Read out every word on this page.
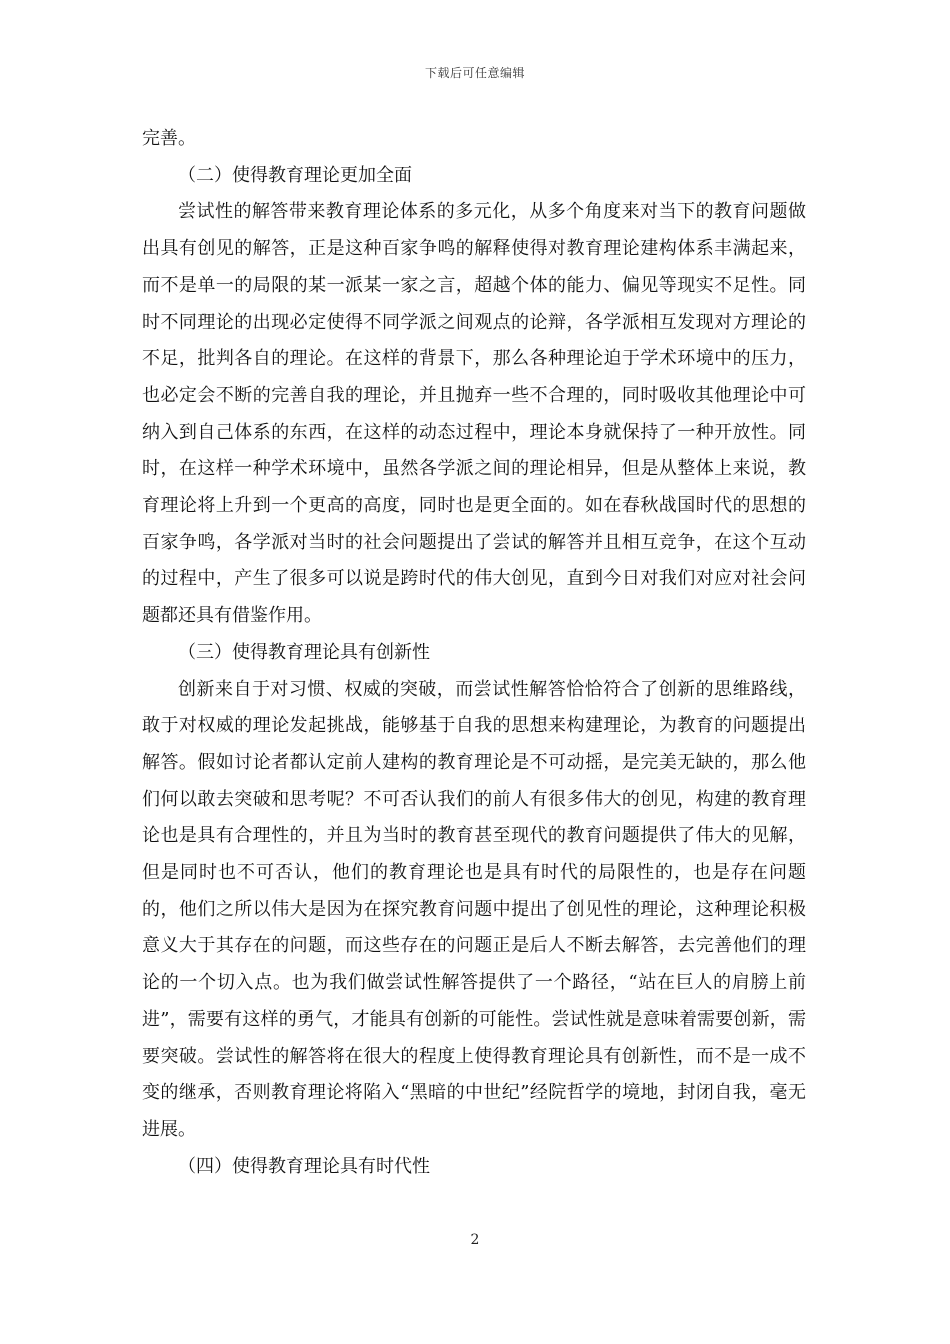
下载后可任意编辑

完善。

（二）使得教育理论更加全面

尝试性的解答带来教育理论体系的多元化，从多个角度来对当下的教育问题做出具有创见的解答，正是这种百家争鸣的解释使得对教育理论建构体系丰满起来，而不是单一的局限的某一派某一家之言，超越个体的能力、偏见等现实不足性。同时不同理论的出现必定使得不同学派之间观点的论辩，各学派相互发现对方理论的不足，批判各自的理论。在这样的背景下，那么各种理论迫于学术环境中的压力，也必定会不断的完善自我的理论，并且抛弃一些不合理的，同时吸收其他理论中可纳入到自己体系的东西，在这样的动态过程中，理论本身就保持了一种开放性。同时，在这样一种学术环境中，虽然各学派之间的理论相异，但是从整体上来说，教育理论将上升到一个更高的高度，同时也是更全面的。如在春秋战国时代的思想的百家争鸣，各学派对当时的社会问题提出了尝试的解答并且相互竞争，在这个互动的过程中，产生了很多可以说是跨时代的伟大创见，直到今日对我们对应对社会问题都还具有借鉴作用。

（三）使得教育理论具有创新性

创新来自于对习惯、权威的突破，而尝试性解答恰恰符合了创新的思维路线，敢于对权威的理论发起挑战，能够基于自我的思想来构建理论，为教育的问题提出解答。假如讨论者都认定前人建构的教育理论是不可动摇，是完美无缺的，那么他们何以敢去突破和思考呢？不可否认我们的前人有很多伟大的创见，构建的教育理论也是具有合理性的，并且为当时的教育甚至现代的教育问题提供了伟大的见解，但是同时也不可否认，他们的教育理论也是具有时代的局限性的，也是存在问题的，他们之所以伟大是因为在探究教育问题中提出了创见性的理论，这种理论积极意义大于其存在的问题，而这些存在的问题正是后人不断去解答，去完善他们的理论的一个切入点。也为我们做尝试性解答提供了一个路径，“站在巨人的肩膀上前进”，需要有这样的勇气，才能具有创新的可能性。尝试性就是意味着需要创新，需要突破。尝试性的解答将在很大的程度上使得教育理论具有创新性，而不是一成不变的继承，否则教育理论将陷入“黑暗的中世纪”经院哲学的境地，封闭自我，毫无进展。

（四）使得教育理论具有时代性

2
